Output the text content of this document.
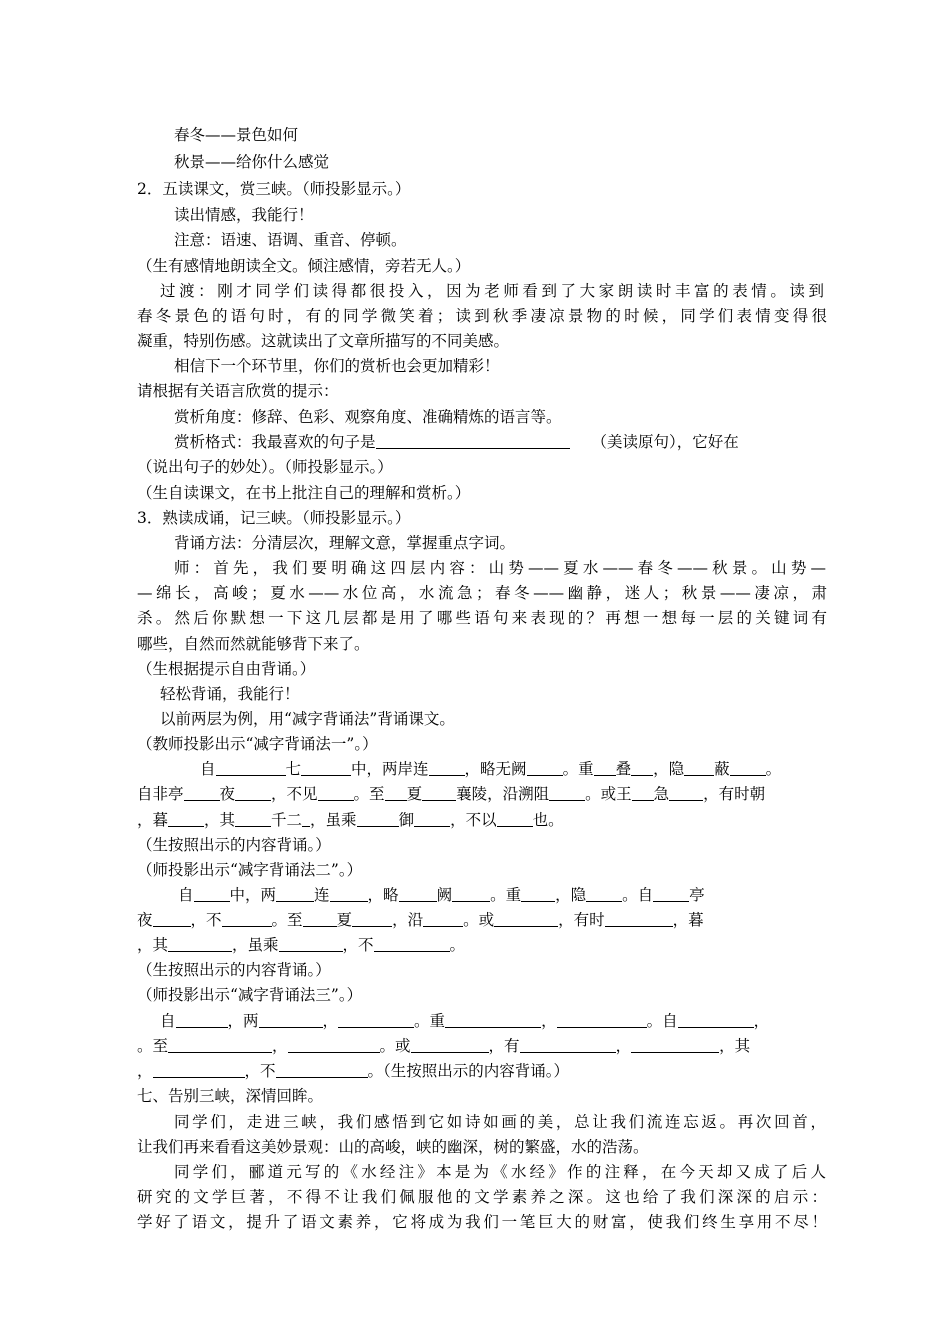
春冬——景色如何
秋景——给你什么感觉
2．五读课文，赏三峡。（师投影显示。）
读出情感，我能行！
注意：语速、语调、重音、停顿。
（生有感情地朗读全文。倾注感情，旁若无人。）
过渡：刚才同学们读得都很投入，因为老师看到了大家朗读时丰富的表情。读到
春冬景色的语句时，有的同学微笑着；读到秋季凄凉景物的时候，同学们表情变得很
凝重，特别伤感。这就读出了文章所描写的不同美感。
相信下一个环节里，你们的赏析也会更加精彩！
请根据有关语言欣赏的提示：
赏析角度：修辞、色彩、观察角度、准确精炼的语言等。
赏析格式：我最喜欢的句子是	（美读原句），它好在
（说出句子的妙处）。（师投影显示。）
（生自读课文，在书上批注自己的理解和赏析。）
3．熟读成诵，记三峡。（师投影显示。）
背诵方法：分清层次，理解文意，掌握重点字词。
师：首先，我们要明确这四层内容：山势——夏水——春冬——秋景。山势—
—绵长，高峻；夏水——水位高，水流急；春冬——幽静，迷人；秋景——凄凉，肃
杀。然后你默想一下这几层都是用了哪些语句来表现的？再想一想每一层的关键词有
哪些，自然而然就能够背下来了。
（生根据提示自由背诵。）
轻松背诵，我能行！
以前两层为例，用“减字背诵法”背诵课文。
（教师投影出示“减字背诵法一”。）
自	七	中，两岸连 ，略无阙 。重 叠 ，隐 蔽 。
自非亭 夜 ，不见 。至 夏 襄陵，沿溯阻 。或王 急 ，有时朝
，暮 ，其 千二 ，虽乘	御 ，不以 也。
（生按照出示的内容背诵。）
（师投影出示“减字背诵法二”。）
自 中，两 连 ，略 阙 。重 ，隐 。自 亭
夜 ，不	。至 夏	，沿	。或	，有时	，暮
，其	，虽乘	，不	。
（生按照出示的内容背诵。）
（师投影出示“减字背诵法三”。）
自	，两	，	。重	，	。自	，
。至	，	。或	，有	，	，其
，	，不	。（生按照出示的内容背诵。）
七、告别三峡，深情回眸。
同学们，走进三峡，我们感悟到它如诗如画的美，总让我们流连忘返。再次回首，
让我们再来看看这美妙景观：山的高峻，峡的幽深，树的繁盛，水的浩荡。
同学们，郦道元写的《水经注》本是为《水经》作的注释，在今天却又成了后人
研究的文学巨著，不得不让我们佩服他的文学素养之深。这也给了我们深深的启示：
学好了语文，提升了语文素养，它将成为我们一笔巨大的财富，使我们终生享用不尽！
